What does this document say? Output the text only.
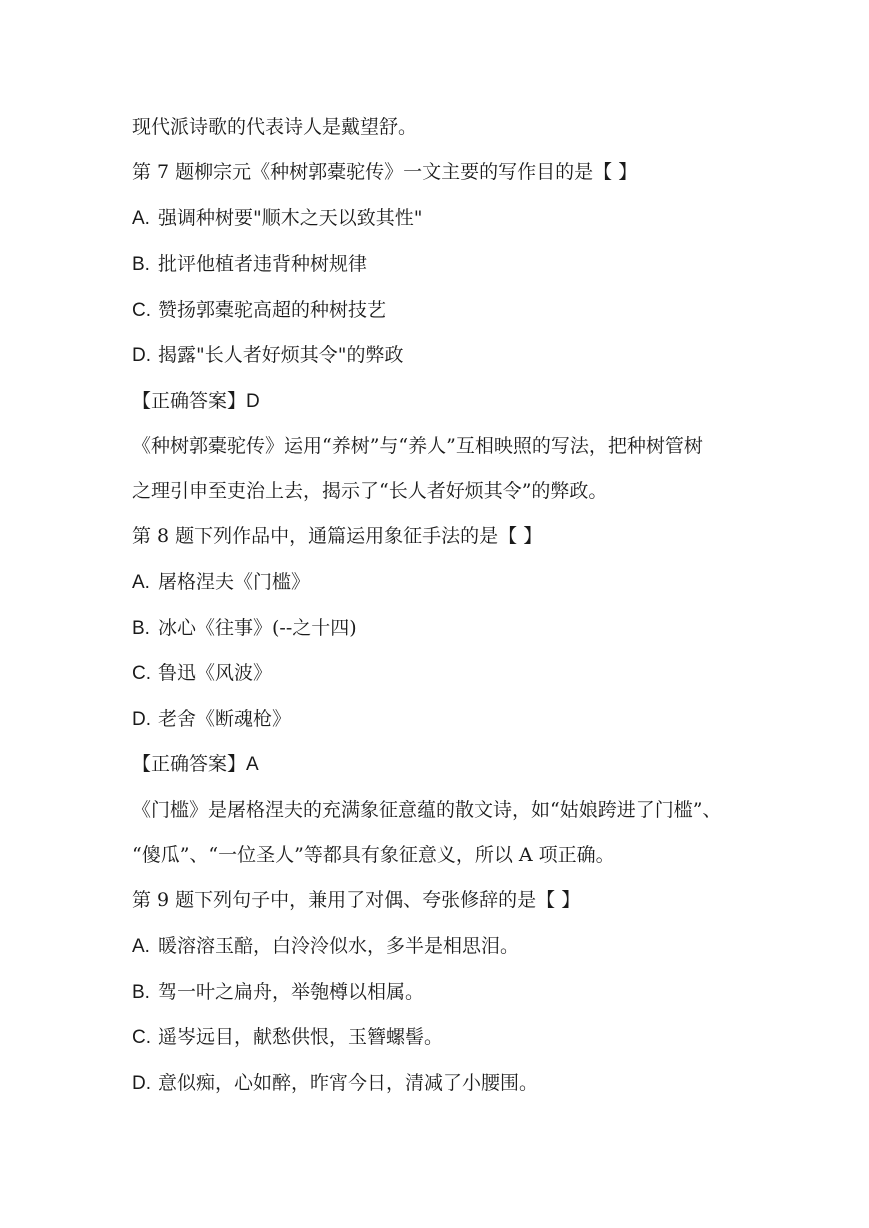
现代派诗歌的代表诗人是戴望舒。
第 7 题柳宗元《种树郭橐驼传》一文主要的写作目的是【 】
A. 强调种树要"顺木之天以致其性"
B. 批评他植者违背种树规律
C. 赞扬郭橐驼高超的种树技艺
D. 揭露"长人者好烦其令"的弊政
【正确答案】D
《种树郭橐驼传》运用“养树”与“养人”互相映照的写法，把种树管树
之理引申至吏治上去，揭示了“长人者好烦其令”的弊政。
第 8 题下列作品中，通篇运用象征手法的是【 】
A. 屠格涅夫《门槛》
B. 冰心《往事》(--之十四)
C. 鲁迅《风波》
D. 老舍《断魂枪》
【正确答案】A
《门槛》是屠格涅夫的充满象征意蕴的散文诗，如“姑娘跨进了门槛”、
“傻瓜”、“一位圣人”等都具有象征意义，所以 A 项正确。
第 9 题下列句子中，兼用了对偶、夸张修辞的是【 】
A. 暖溶溶玉醅，白泠泠似水，多半是相思泪。
B. 驾一叶之扁舟，举匏樽以相属。
C. 遥岑远目，献愁供恨，玉簪螺髻。
D. 意似痴，心如醉，昨宵今日，清减了小腰围。
